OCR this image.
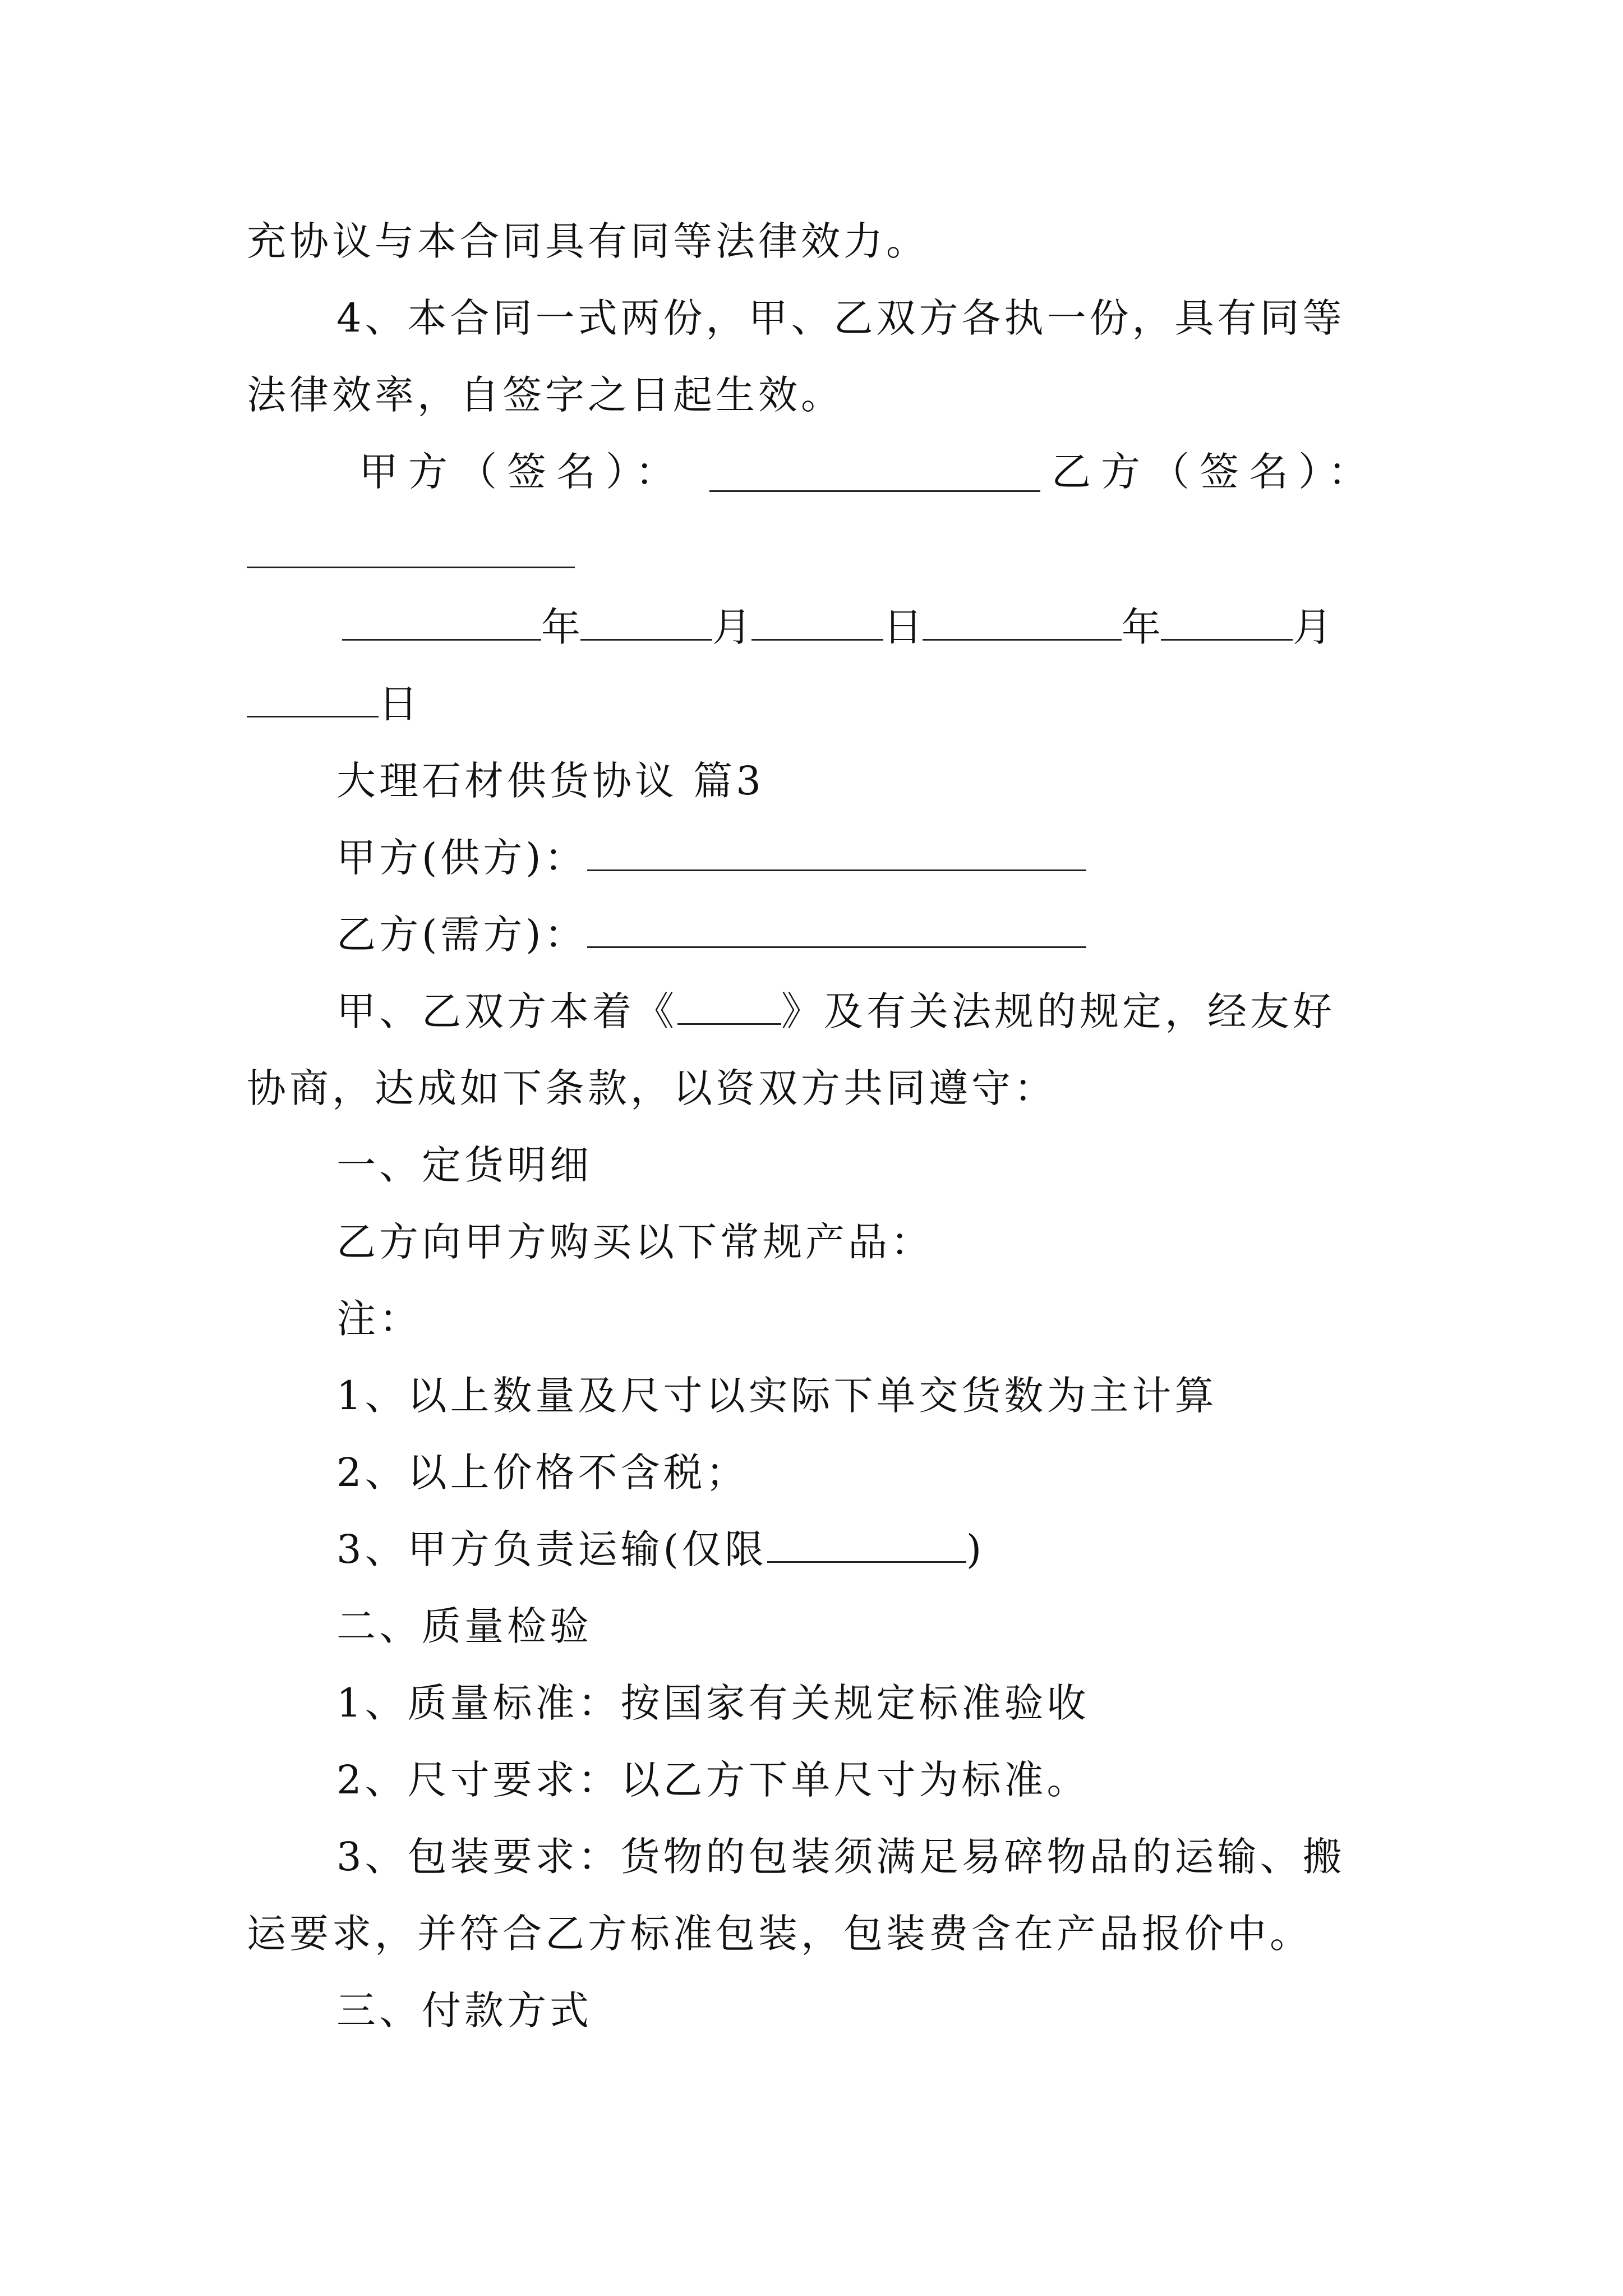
充协议与本合同具有同等法律效力。
4、本合同一式两份，甲、乙双方各执一份，具有同等
法律效率，自签字之日起生效。
甲方（签名）：	乙方（签名）：
年	月	日	年	月
日
大理石材供货协议 篇3
甲方(供方)：
乙方(需方)：
甲、乙双方本着《	》及有关法规的规定，经友好
协商，达成如下条款，以资双方共同遵守：
一、定货明细
乙方向甲方购买以下常规产品：
注：
1、以上数量及尺寸以实际下单交货数为主计算
2、以上价格不含税；
3、甲方负责运输(仅限	)
二、质量检验
1、质量标准：按国家有关规定标准验收
2、尺寸要求：以乙方下单尺寸为标准。
3、包装要求：货物的包装须满足易碎物品的运输、搬
运要求，并符合乙方标准包装，包装费含在产品报价中。
三、付款方式
